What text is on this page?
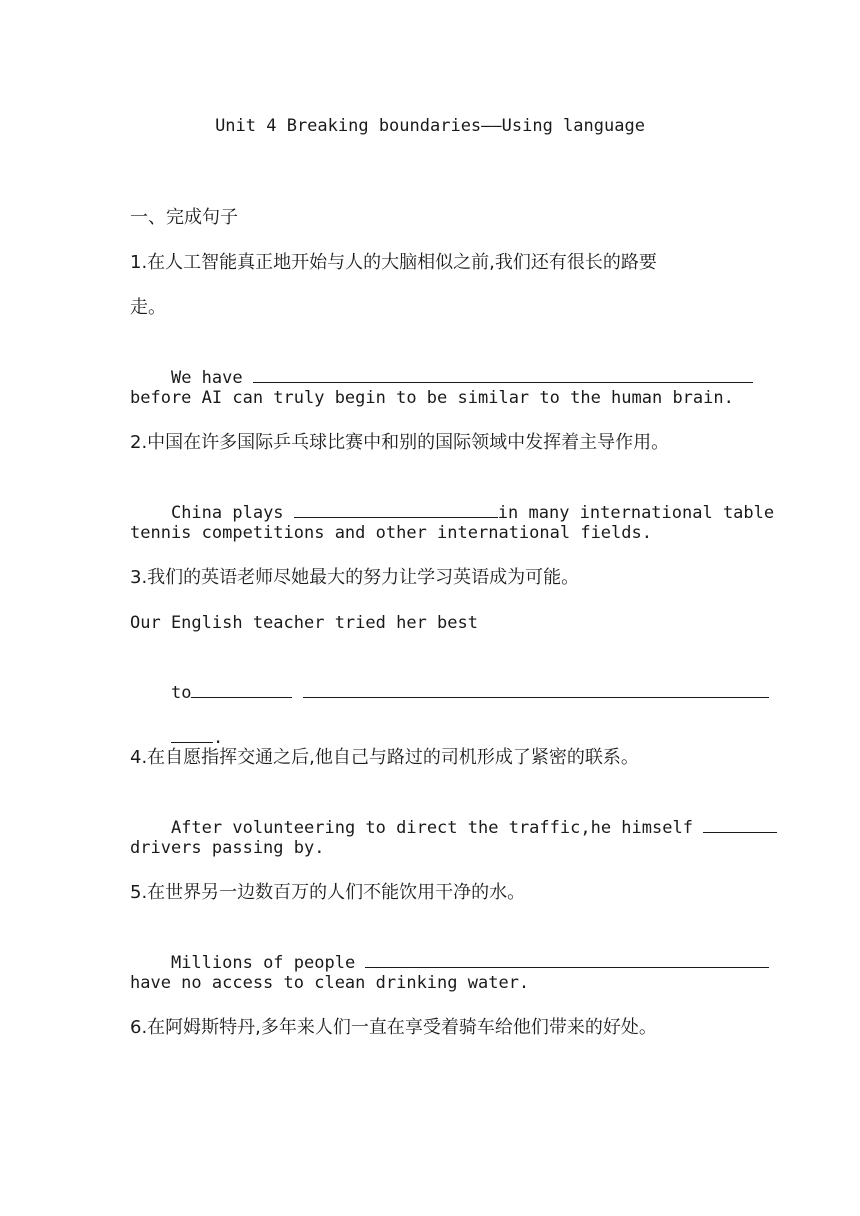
Unit 4 Breaking boundaries——Using language
一、完成句子
1.在人工智能真正地开始与人的大脑相似之前,我们还有很长的路要
走。

We have

before AI can truly begin to be similar to the human brain.
2.中国在许多国际乒乓球比赛中和别的国际领域中发挥着主导作用。

China plays	in many international table

tennis competitions and other international fields.
3.我们的英语老师尽她最大的努力让学习英语成为可能。
Our English teacher tried her best

to

.

4.在自愿指挥交通之后,他自己与路过的司机形成了紧密的联系。

After volunteering to direct the traffic,he himself

drivers passing by.
5.在世界另一边数百万的人们不能饮用干净的水。

Millions of people

have no access to clean drinking water.
6.在阿姆斯特丹,多年来人们一直在享受着骑车给他们带来的好处。
